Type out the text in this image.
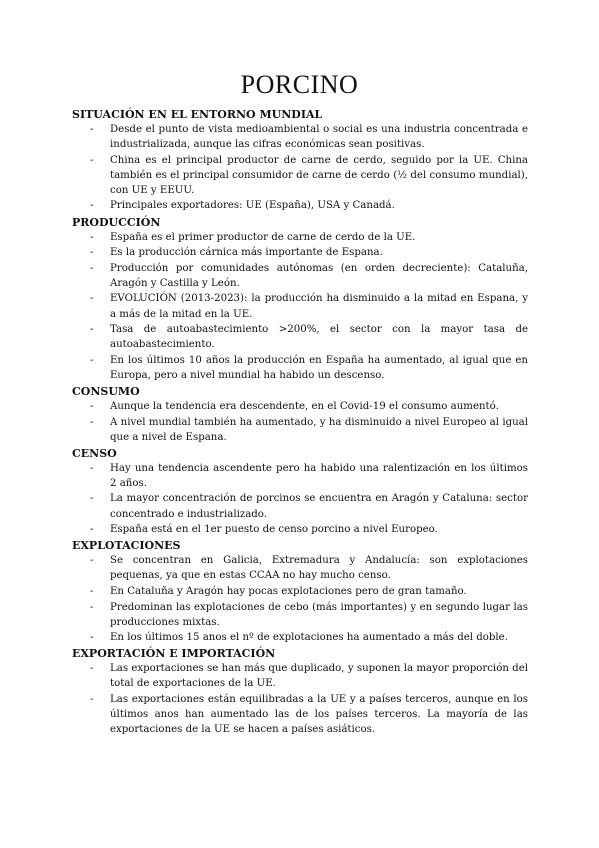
PORCINO
SITUACIÓN EN EL ENTORNO MUNDIAL
- Desde el punto de vista medioambiental o social es una industria concentrada e industrializada, aunque las cifras económicas sean positivas.
- China es el principal productor de carne de cerdo, seguido por la UE. China también es el principal consumidor de carne de cerdo (½ del consumo mundial), con UE y EEUU.
- Principales exportadores: UE (España), USA y Canadá.
PRODUCCIÓN
- España es el primer productor de carne de cerdo de la UE.
- Es la producción cárnica más importante de Espana.
- Producción por comunidades autónomas (en orden decreciente): Cataluña, Aragón y Castilla y León.
- EVOLUCIÓN (2013-2023): la producción ha disminuido a la mitad en Espana, y a más de la mitad en la UE.
- Tasa de autoabastecimiento >200%, el sector con la mayor tasa de autoabastecimiento.
- En los últimos 10 años la producción en España ha aumentado, al igual que en Europa, pero a nivel mundial ha habido un descenso.
CONSUMO
- Aunque la tendencia era descendente, en el Covid-19 el consumo aumentó.
- A nivel mundial también ha aumentado, y ha disminuido a nivel Europeo al igual que a nivel de Espana.
CENSO
- Hay una tendencia ascendente pero ha habido una ralentización en los últimos 2 años.
- La mayor concentración de porcinos se encuentra en Aragón y Cataluna: sector concentrado e industrializado.
- España está en el 1er puesto de censo porcino a nivel Europeo.
EXPLOTACIONES
- Se concentran en Galicia, Extremadura y Andalucía: son explotaciones pequenas, ya que en estas CCAA no hay mucho censo.
- En Cataluña y Aragón hay pocas explotaciones pero de gran tamaño.
- Predominan las explotaciones de cebo (más importantes) y en segundo lugar las producciones mixtas.
- En los últimos 15 anos el nº de explotaciones ha aumentado a más del doble.
EXPORTACIÓN E IMPORTACIÓN
- Las exportaciones se han más que duplicado, y suponen la mayor proporción del total de exportaciones de la UE.
- Las exportaciones están equilibradas a la UE y a países terceros, aunque en los últimos anos han aumentado las de los países terceros. La mayoría de las exportaciones de la UE se hacen a países asiáticos.
